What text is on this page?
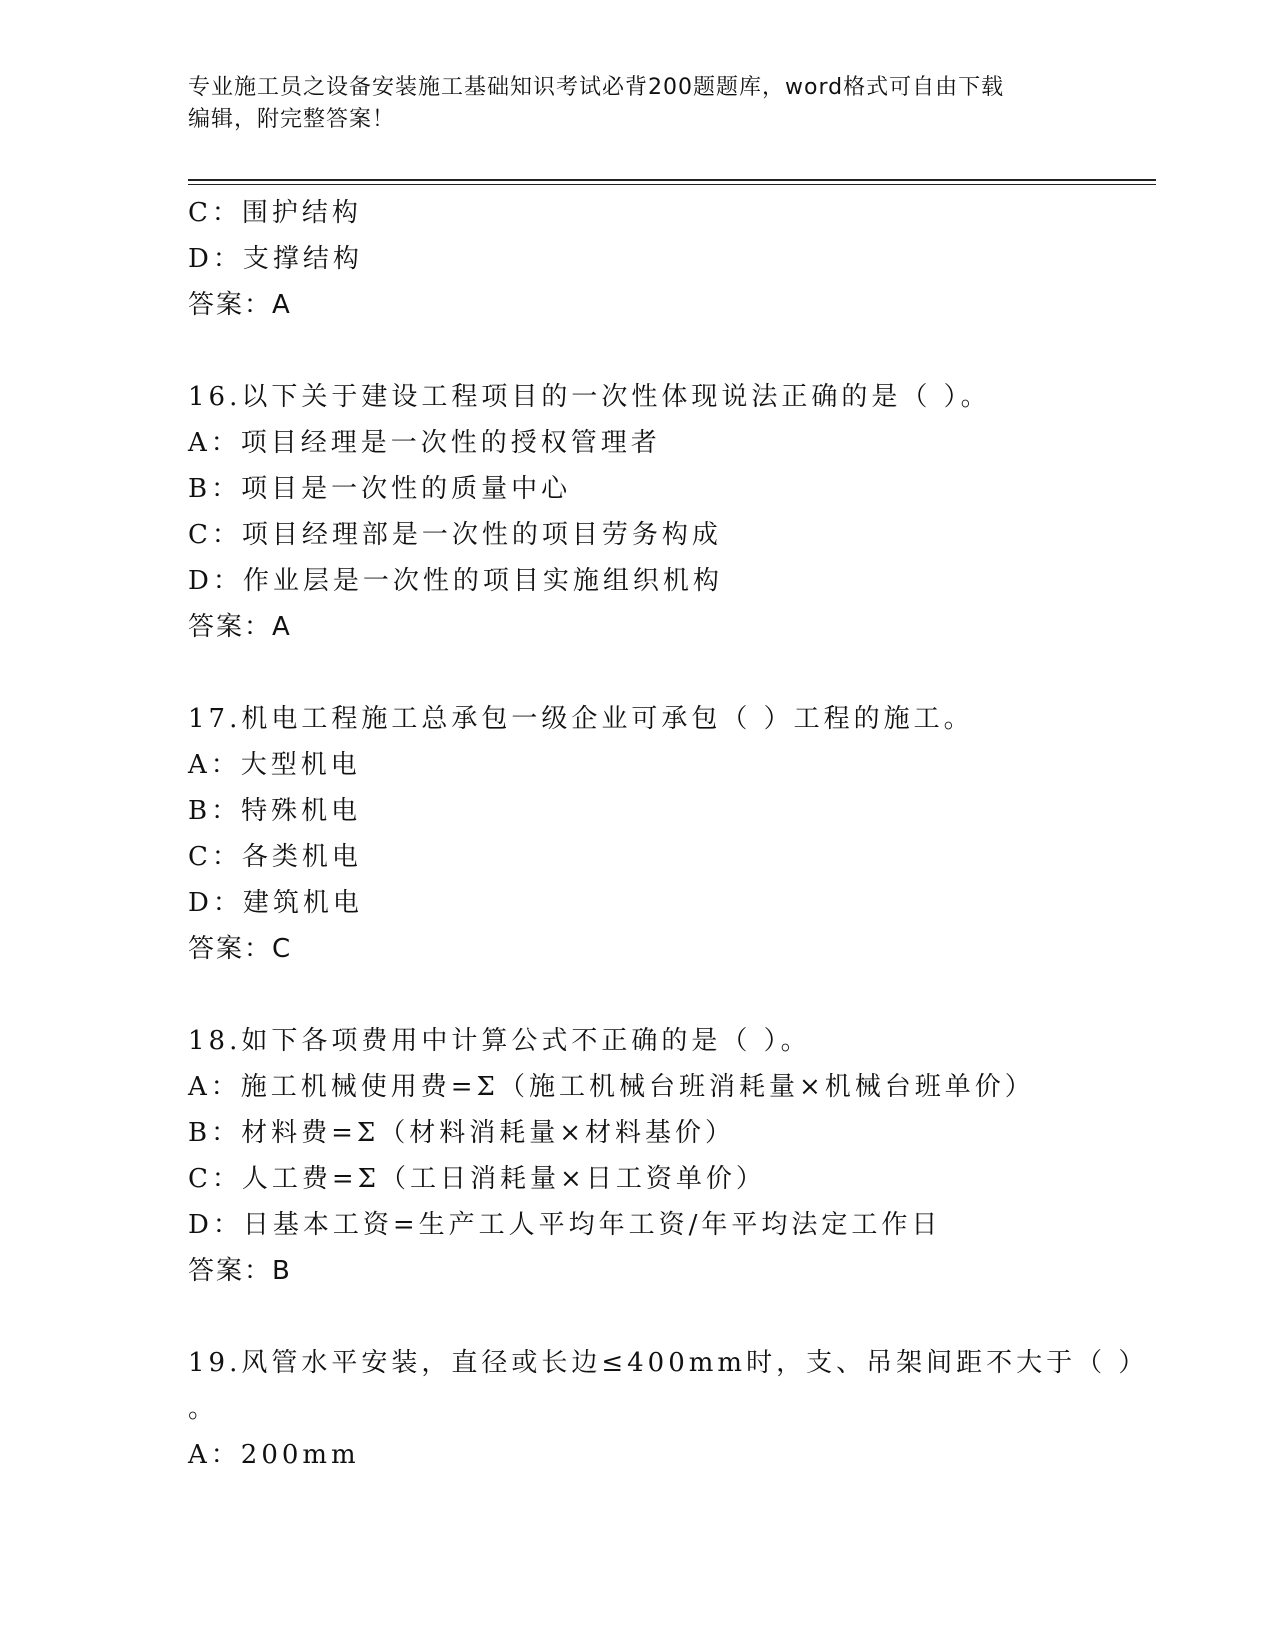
专业施工员之设备安装施工基础知识考试必背200题题库，word格式可自由下载
编辑，附完整答案！
C：围护结构
D：支撑结构
答案：A
16.以下关于建设工程项目的一次性体现说法正确的是（ ）。
A：项目经理是一次性的授权管理者
B：项目是一次性的质量中心
C：项目经理部是一次性的项目劳务构成
D：作业层是一次性的项目实施组织机构
答案：A
17.机电工程施工总承包一级企业可承包（ ）工程的施工。
A：大型机电
B：特殊机电
C：各类机电
D：建筑机电
答案：C
18.如下各项费用中计算公式不正确的是（ ）。
A：施工机械使用费=Σ（施工机械台班消耗量×机械台班单价）
B：材料费=Σ（材料消耗量×材料基价）
C：人工费=Σ（工日消耗量×日工资单价）
D：日基本工资=生产工人平均年工资/年平均法定工作日
答案：B
19.风管水平安装，直径或长边≤400mm时，支、吊架间距不大于（ ）
。
A：200mm
